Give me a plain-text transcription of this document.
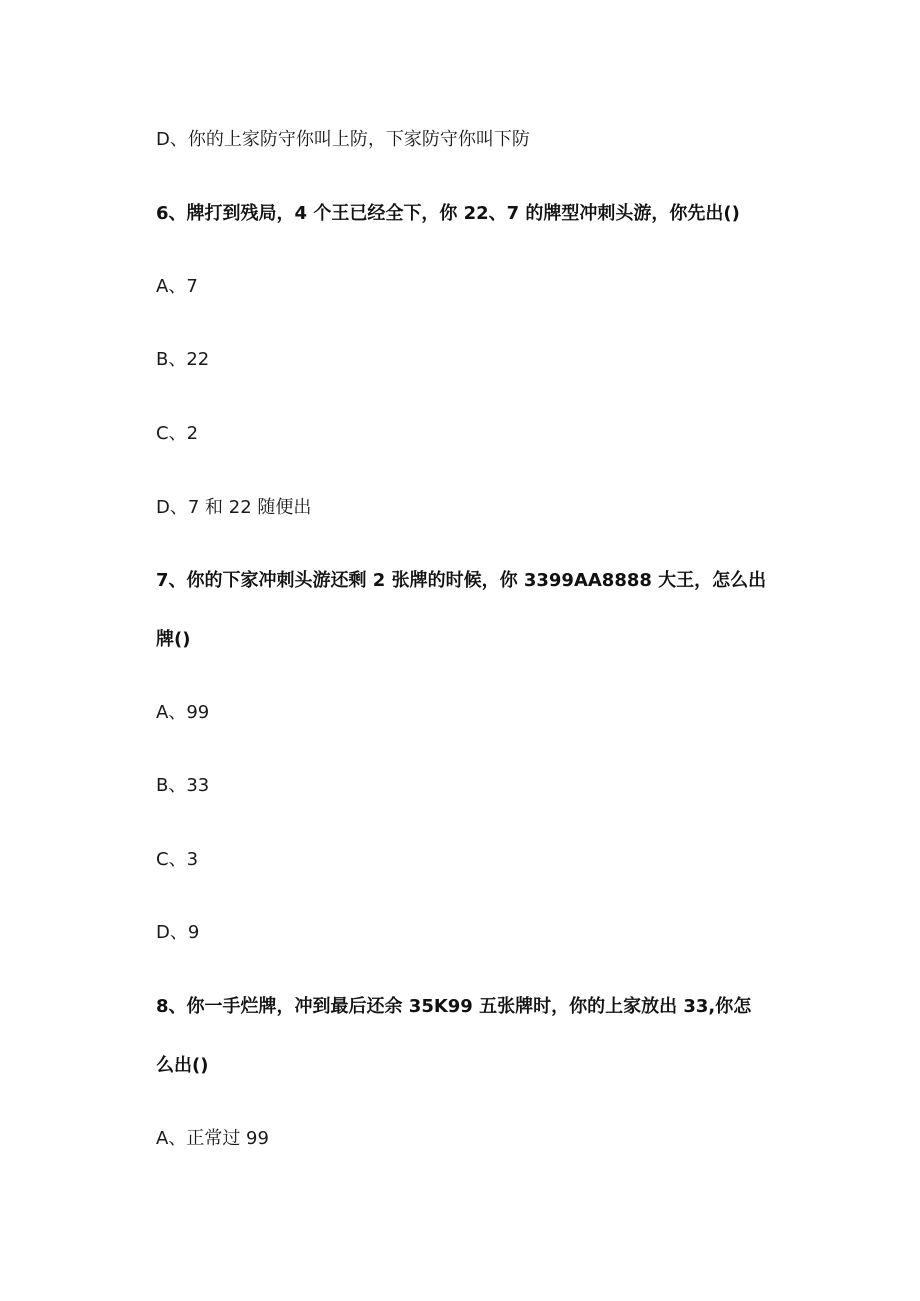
D、你的上家防守你叫上防，下家防守你叫下防
6、牌打到残局，4 个王已经全下，你 22、7 的牌型冲刺头游，你先出()
A、7
B、22
C、2
D、7 和 22 随便出
7、你的下家冲刺头游还剩 2 张牌的时候，你 3399AA8888 大王，怎么出
牌()
A、99
B、33
C、3
D、9
8、你一手烂牌，冲到最后还余 35K99 五张牌时，你的上家放出 33,你怎
么出()
A、正常过 99
